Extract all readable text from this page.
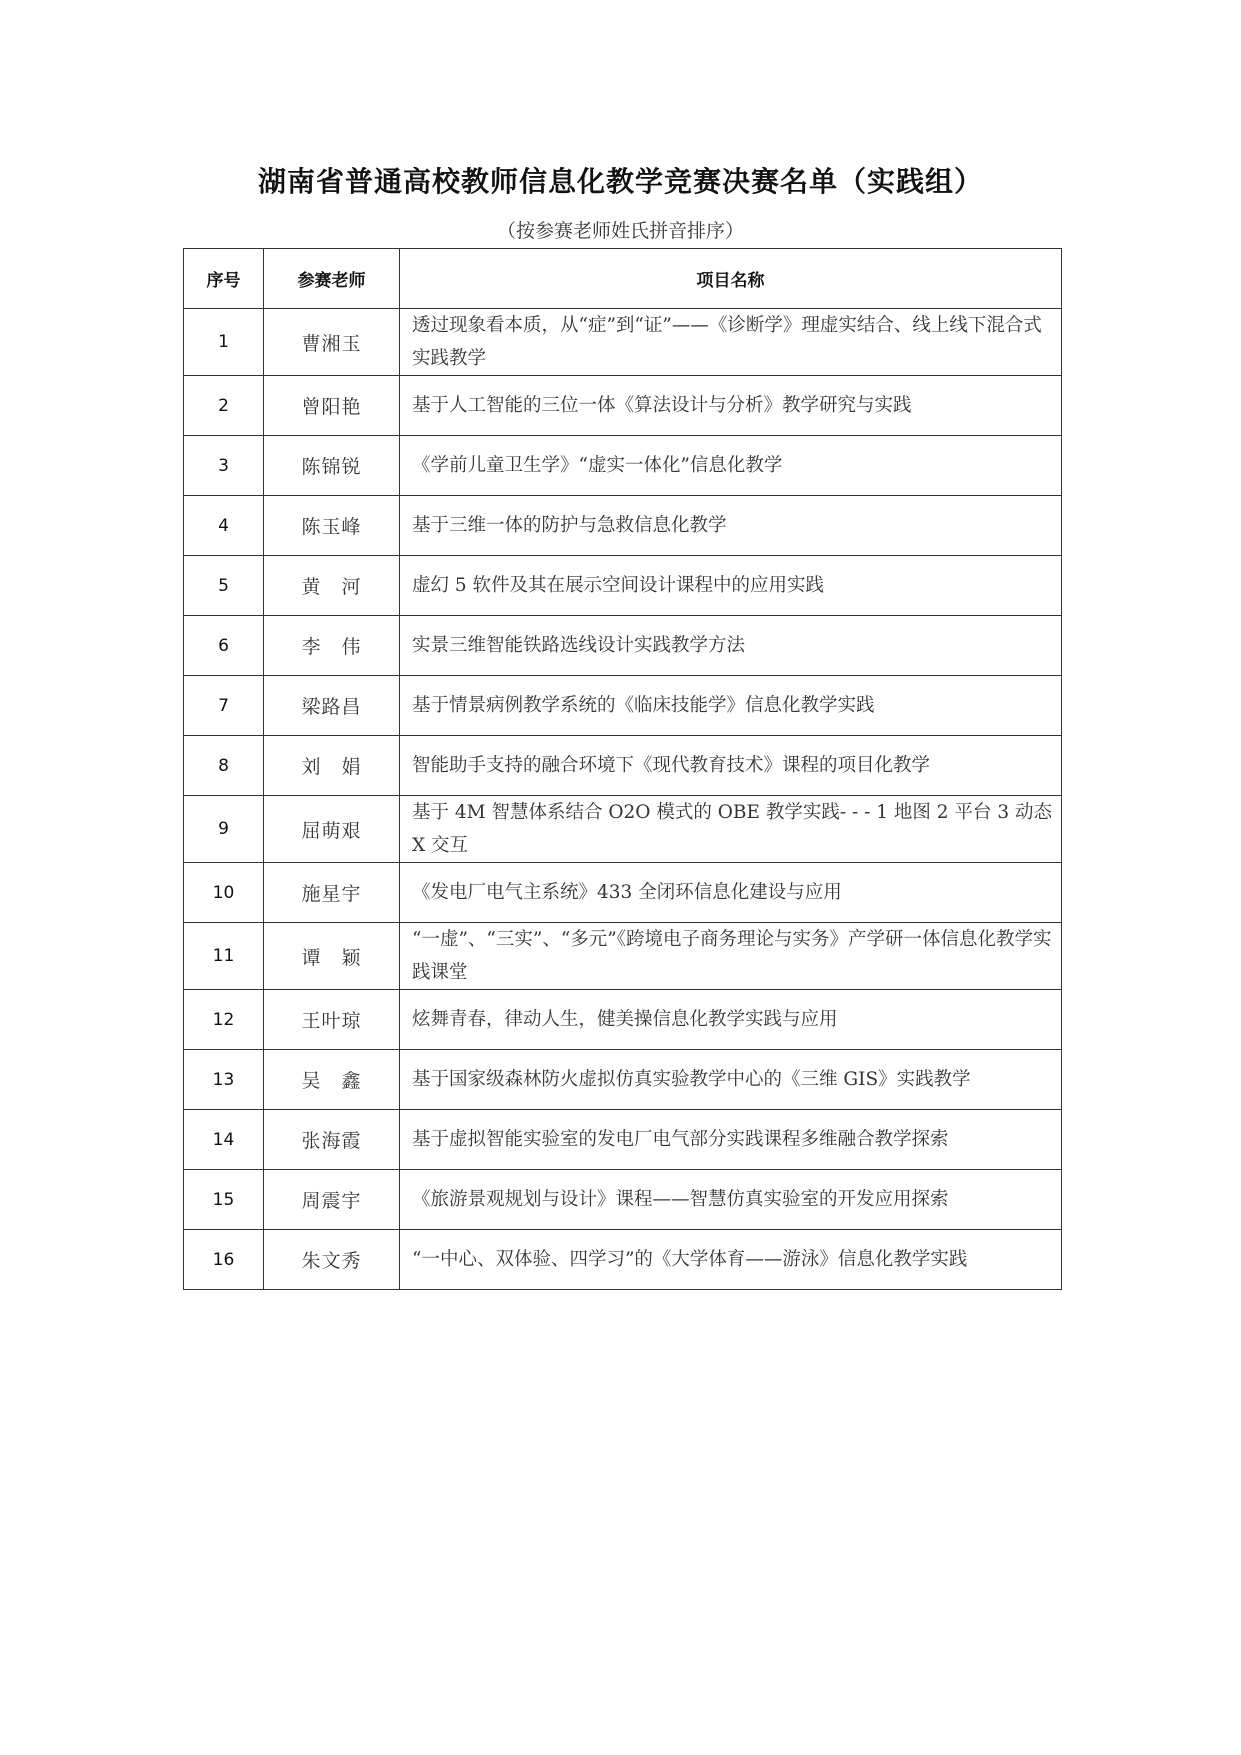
湖南省普通高校教师信息化教学竞赛决赛名单（实践组）
（按参赛老师姓氏拼音排序）
序号	参赛老师	项目名称
1	曹湘玉	透过现象看本质，从“症”到“证”——《诊断学》理虚实结合、线上线下混合式实践教学
2	曾阳艳	基于人工智能的三位一体《算法设计与分析》教学研究与实践
3	陈锦锐	《学前儿童卫生学》“虚实一体化”信息化教学
4	陈玉峰	基于三维一体的防护与急救信息化教学
5	黄　河	虚幻 5 软件及其在展示空间设计课程中的应用实践
6	李　伟	实景三维智能铁路选线设计实践教学方法
7	梁路昌	基于情景病例教学系统的《临床技能学》信息化教学实践
8	刘　娟	智能助手支持的融合环境下《现代教育技术》课程的项目化教学
9	屈萌艰	基于 4M 智慧体系结合 O2O 模式的 OBE 教学实践- - - 1 地图 2 平台 3 动态 X 交互
10	施星宇	《发电厂电气主系统》433 全闭环信息化建设与应用
11	谭　颖	“一虚”、“三实”、“多元”《跨境电子商务理论与实务》产学研一体信息化教学实践课堂
12	王叶琼	炫舞青春，律动人生，健美操信息化教学实践与应用
13	吴　鑫	基于国家级森林防火虚拟仿真实验教学中心的《三维 GIS》实践教学
14	张海霞	基于虚拟智能实验室的发电厂电气部分实践课程多维融合教学探索
15	周震宇	《旅游景观规划与设计》课程——智慧仿真实验室的开发应用探索
16	朱文秀	“一中心、双体验、四学习”的《大学体育——游泳》信息化教学实践
